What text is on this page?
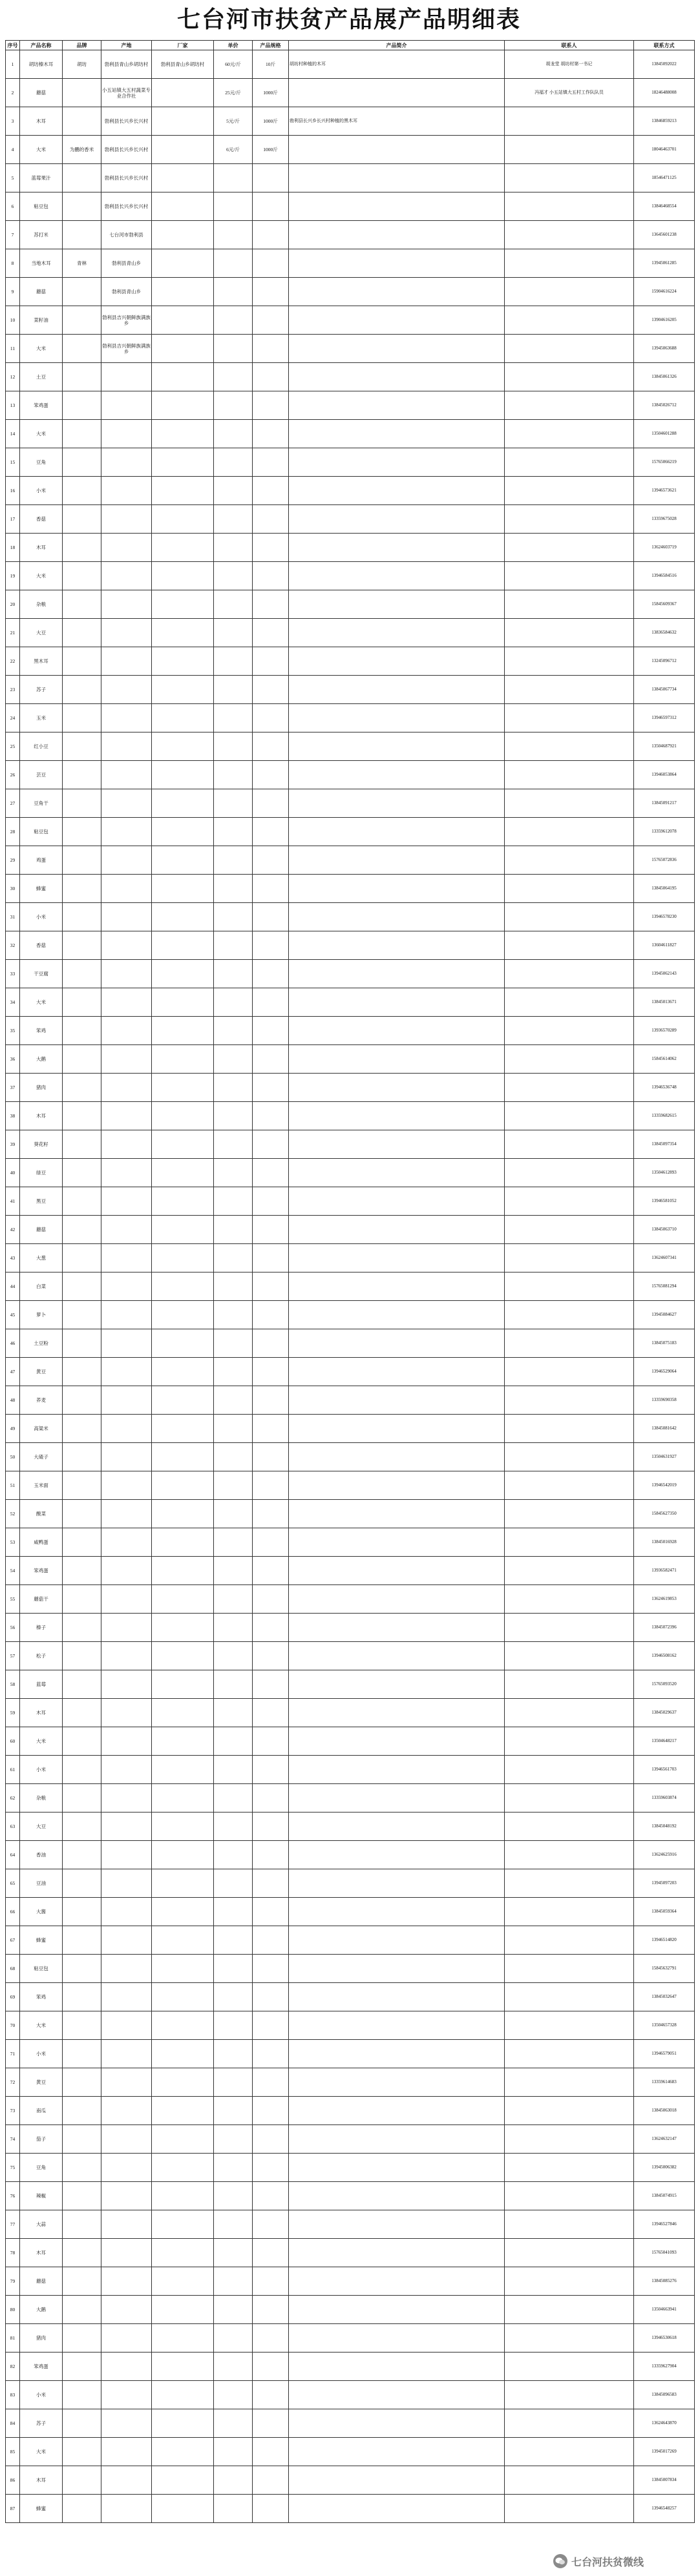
七台河市扶贫产品展产品明细表
序号	产品名称	品牌	产地	厂家	单价	产品规格	产品简介	联系人	联系方式
1	胡坊榛木耳	胡坊	勃利县青山乡胡坊村	勃利县青山乡胡坊村	60元/斤	10斤	胡坊村种植的木耳	胡龙堂 胡坊村第一书记	13845092022
2	蘑菇		小五站镇大五村蔬菜专业合作社		25元/斤	1000斤		冯福才 小五站镇大五村工作队队员	18246488008
3	木耳		勃利县长兴乡长兴村		5元/斤	1000斤	勃利县长兴乡长兴村种植的黑木耳		13846859213
4	大米	为鹏的香米	勃利县长兴乡长兴村		6元/斤	1000斤			18046463701
5	蓝莓果汁		勃利县长兴乡长兴村						18546471125
6	粘豆包		勃利县长兴乡长兴村						13846468554
7	苏打米		七台河市勃利县						13645601238
8	当地木耳	青林	勃利县青山乡						13945061285
9	蘑菇		勃利县青山乡						15904616224
10	菜籽油		勃利县吉兴朝鲜族满族乡						13904616205
11	大米		勃利县吉兴朝鲜族满族乡						13945063688
12	土豆								13845061326
13	笨鸡蛋								13845026712
14	大米								13504601288
15	豆角								15765066219
16	小米								13946573621
17	香菇								13359675028
18	木耳								13624603719
19	大米								13946584516
20	杂粮								15845609367
21	大豆								13836584632
22	黑木耳								13245096712
23	苏子								13845067734
24	玉米								13946597312
25	红小豆								13504687921
26	芸豆								13946053864
27	豆角干								13845091217
28	粘豆包								13359612078
29	鸡蛋								15765072836
30	蜂蜜								13845064195
31	小米								13946578230
32	香菇								13604611827
33	干豆腐								13945062143
34	大米								13845013671
35	笨鸡								13936570289
36	大鹅								15845614062
37	猪肉								13946536748
38	木耳								13359682615
39	葵花籽								13845097354
40	绿豆								13504612893
41	黑豆								13946581052
42	蘑菇								13845063710
43	大葱								13624607341
44	白菜								15765081294
45	萝卜								13945084627
46	土豆粉								13845075183
47	黄豆								13946529064
48	荞麦								13359690358
49	高粱米								13845081642
50	大碴子								13504631927
51	玉米面								13946542019
52	酸菜								15845627350
53	咸鸭蛋								13845016928
54	笨鸡蛋								13936582471
55	蘑菇干								13624619853
56	榛子								13845072396
57	松子								13946508162
58	蓝莓								15765093520
59	木耳								13845029637
60	大米								13504648217
61	小米								13946561703
62	杂粮								13359603874
63	大豆								13845048192
64	香油								13624625916
65	豆油								13945097203
66	大酱								13845059364
67	蜂蜜								13946514820
68	粘豆包								15845632791
69	笨鸡								13845032647
70	大米								13504657328
71	小米								13946579051
72	黄豆								13359614683
73	南瓜								13845063018
74	茄子								13624632147
75	豆角								13945006382
76	辣椒								13845074915
77	大蒜								13946527846
78	木耳								15765041093
79	蘑菇								13845085276
80	大鹅								13504663941
81	猪肉								13946530618
82	笨鸡蛋								13359627904
83	小米								13845096583
84	苏子								13624643870
85	大米								13945017269
86	木耳								13845007834
87	蜂蜜								13946548257
七台河扶贫微线
